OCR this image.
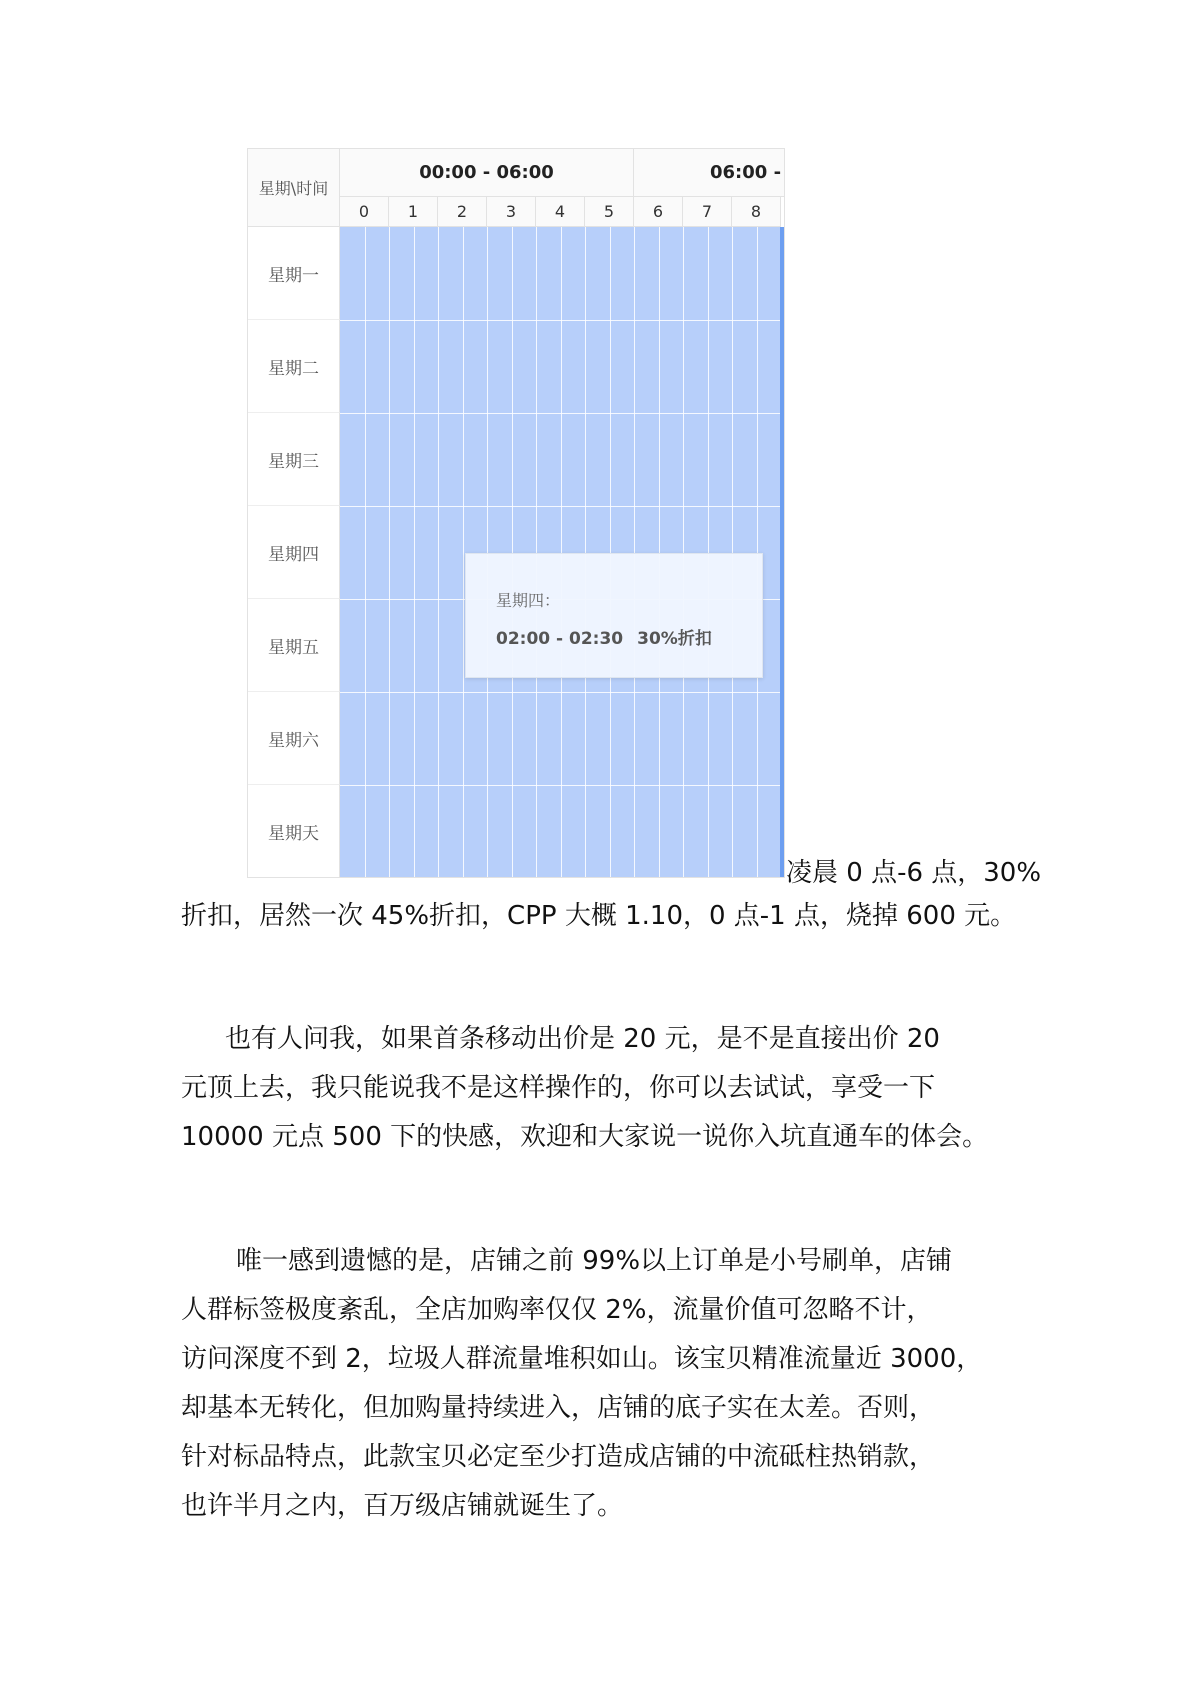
星期\时间
00:00 - 06:00	06:00 -
0	1	2	3	4	5	6	7	8
星期一
星期二
星期三
星期四
星期五
星期六
星期天
星期四：
02:00 - 02:30 30%折扣
凌晨 0 点-6 点，30%
折扣，居然一次 45%折扣，CPP 大概 1.10，0 点-1 点，烧掉 600 元。
也有人问我，如果首条移动出价是 20 元，是不是直接出价 20
元顶上去，我只能说我不是这样操作的，你可以去试试，享受一下
10000 元点 500 下的快感，欢迎和大家说一说你入坑直通车的体会。
唯一感到遗憾的是，店铺之前 99%以上订单是小号刷单，店铺
人群标签极度紊乱，全店加购率仅仅 2%，流量价值可忽略不计，
访问深度不到 2，垃圾人群流量堆积如山。该宝贝精准流量近 3000，
却基本无转化，但加购量持续进入，店铺的底子实在太差。否则，
针对标品特点，此款宝贝必定至少打造成店铺的中流砥柱热销款，
也许半月之内，百万级店铺就诞生了。
